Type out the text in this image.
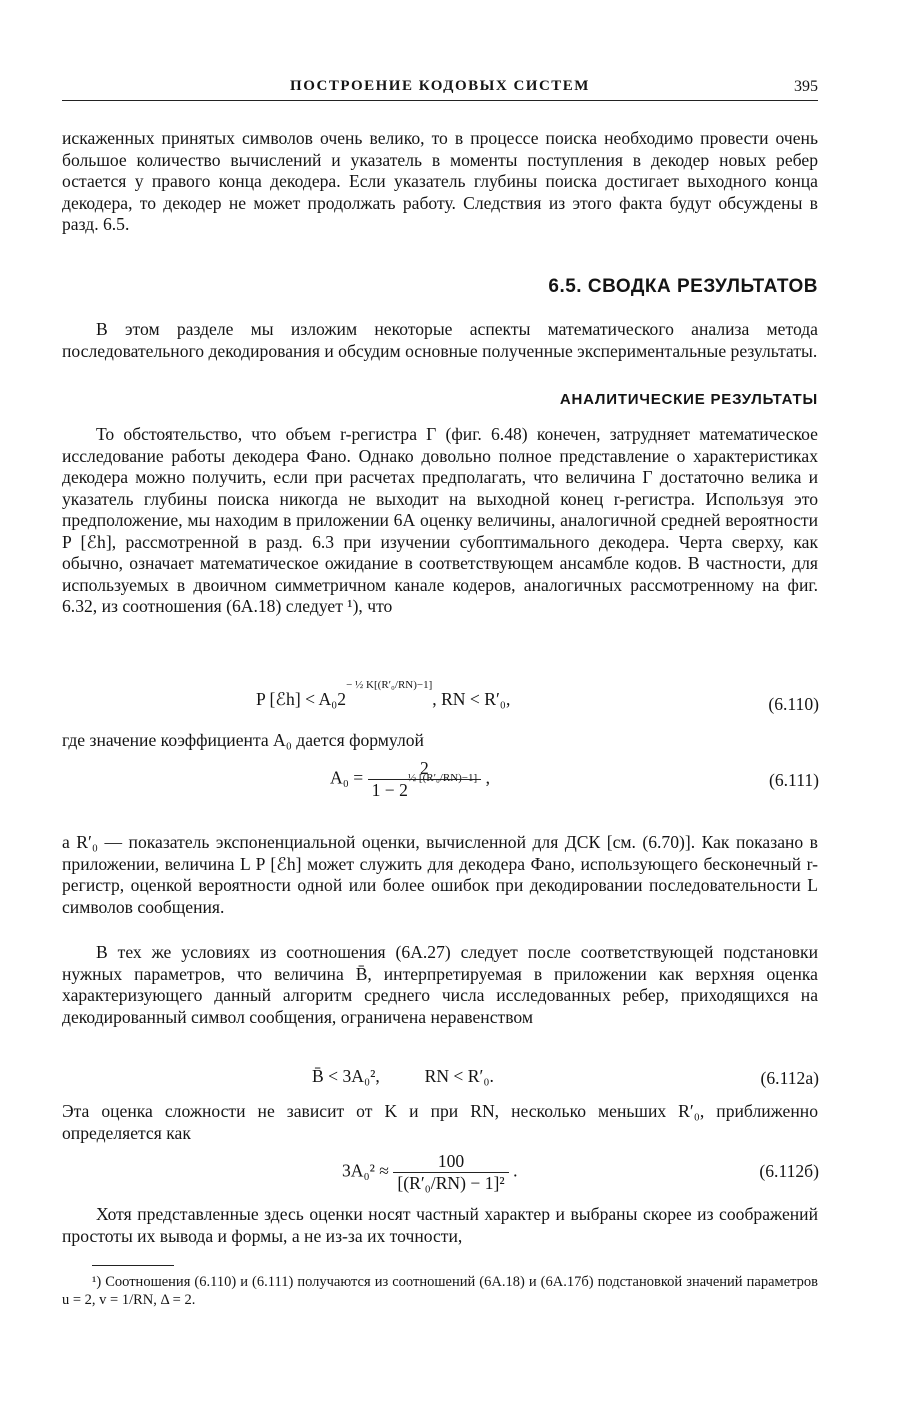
ПОСТРОЕНИЕ КОДОВЫХ СИСТЕМ	395

искаженных принятых символов очень велико, то в процессе поиска необходимо провести очень большое количество вычислений и указатель в моменты поступления в декодер новых ребер остается у правого конца декодера. Если указатель глубины поиска достигает выходного конца декодера, то декодер не может продолжать работу. Следствия из этого факта будут обсуждены в разд. 6.5.

6.5. СВОДКА РЕЗУЛЬТАТОВ

В этом разделе мы изложим некоторые аспекты математического анализа метода последовательного декодирования и обсудим основные полученные экспериментальные результаты.

АНАЛИТИЧЕСКИЕ РЕЗУЛЬТАТЫ

То обстоятельство, что объем r-регистра Г (фиг. 6.48) конечен, затрудняет математическое исследование работы декодера Фано. Однако довольно полное представление о характеристиках декодера можно получить, если при расчетах предполагать, что величина Г достаточно велика и указатель глубины поиска никогда не выходит на выходной конец r-регистра. Используя это предположение, мы находим в приложении 6А оценку величины, аналогичной средней вероятности P [ℰh], рассмотренной в разд. 6.3 при изучении субоптимального декодера. Черта сверху, как обычно, означает математическое ожидание в соответствующем ансамбле кодов. В частности, для используемых в двоичном симметричном канале кодеров, аналогичных рассмотренному на фиг. 6.32, из соотношения (6А.18) следует ¹), что

P [ℰh] < $A_02^{- \frac{1}{2} K[(R'_0/RN)-1]}$, RN < R′₀,	(6.110)

где значение коэффициента A₀ дается формулой

$A_0 = \frac{2}{1 - 2^{\frac{1}{2} [(R'_0/RN)-1]}}$ ,	(6.111)

а R′₀ — показатель экспоненциальной оценки, вычисленной для ДСК [см. (6.70)]. Как показано в приложении, величина L P [ℰh] может служить для декодера Фано, использующего бесконечный r-регистр, оценкой вероятности одной или более ошибок при декодировании последовательности L символов сообщения.

В тех же условиях из соотношения (6А.27) следует после соответствующей подстановки нужных параметров, что величина B̄, интерпретируемая в приложении как верхняя оценка характеризующего данный алгоритм среднего числа исследованных ребер, приходящихся на декодированный символ сообщения, ограничена неравенством

B̄ < 3A₀²,	RN < R′₀.	(6.112а)

Эта оценка сложности не зависит от K и при RN, несколько меньших R′₀, приближенно определяется как

$3A_0^2 \approx \frac{100}{\text{[(R′₀/RN) − 1]²}}$ .	(6.112б)

Хотя представленные здесь оценки носят частный характер и выбраны скорее из соображений простоты их вывода и формы, а не из-за их точности,

¹) Соотношения (6.110) и (6.111) получаются из соотношений (6А.18) и (6А.17б) подстановкой значений параметров u = 2, v = 1/RN, Δ = 2.
